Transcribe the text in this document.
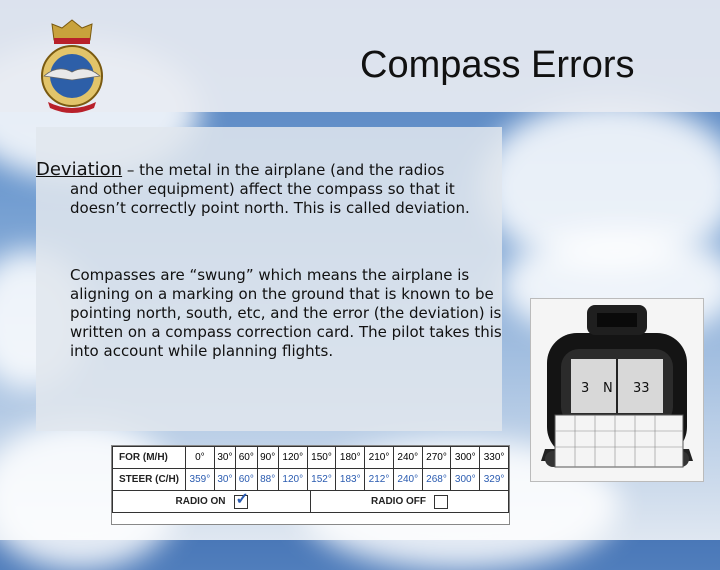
Compass Errors
Deviation – the metal in the airplane (and the radios
and other equipment) affect the compass so that it doesn’t correctly point north. This is called deviation.
Compasses are “swung” which means the airplane is aligning on a marking on the ground that is known to be pointing north, south, etc, and the error (the deviation) is written on a compass correction card. The pilot takes this into account while planning flights.
3 N 33
FOR (M/H)	0°	30°	60°	90°	120°	150°	180°	210°	240°	270°	300°	330°
STEER (C/H)	359°	30°	60°	88°	120°	152°	183°	212°	240°	268°	300°	329°
RADIO ON ✓	RADIO OFF
